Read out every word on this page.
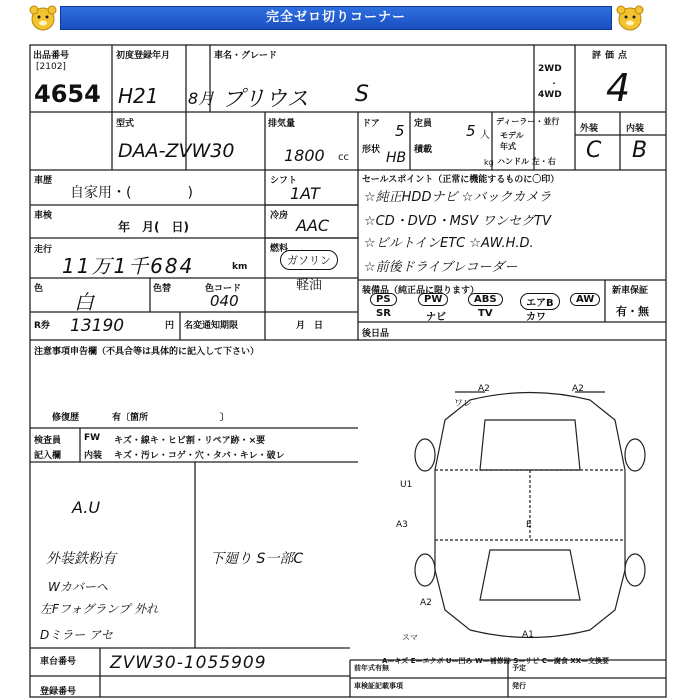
完全ゼロ切りコーナー
出品番号
[2102]
4654
初度登録年月
H21 8月
車名・グレード
プリウス S
2WD
・
4WD
評価点
4
型式
DAA-ZVW30
排気量
1800 cc
ドア 5 定員 5 人
ディーラー・並行
モデル年式
形状 HB 積載
kg ハンドル 左・右
外装	内装
C B
車歴
自家用・(　　　　)
車検
年　月(　日)
走行
11万1千684	km
色
白
色替	色コード
040
R券 13190	円 名変通知期限	月　日
注意事項申告欄（不具合等は具体的に記入して下さい）
修復歴	有〔箇所　　　　　　　　〕
シフト
1AT
冷房 AAC
燃料
ガソリン
軽油
セールスポイント（正常に機能するものに〇印）
☆純正HDDナビ ☆バックカメラ
☆CD・DVD・MSV ワンセグTV
☆ビルトインETC ☆AW.H.D.
☆前後ドライブレコーダー
装備品（純正品に限ります）	新車保証
PS	PW	ABS	エアB	AW
SR	ナビ	TV	カワ	有・無
後日品
検査員
記入欄
FW
内装
キズ・線キ・ヒビ割・リペア跡・×要
キズ・汚レ・コゲ・穴・タバ・キレ・破レ
A.U
外装鉄粉有	下廻り S一部C
Wカバーヘ
左Fフォグランプ 外れ
Dミラー アセ
A2	A2
U1
A3	E
A2
A1
ワレ
スマ
A—キズ E—エクボ U—凹み W—補修跡 S—サビ C—腐食 XX—交換要
車台番号 ZVW30-1055909
登録番号
前年式有無
車検証記載事項
予定
発行
